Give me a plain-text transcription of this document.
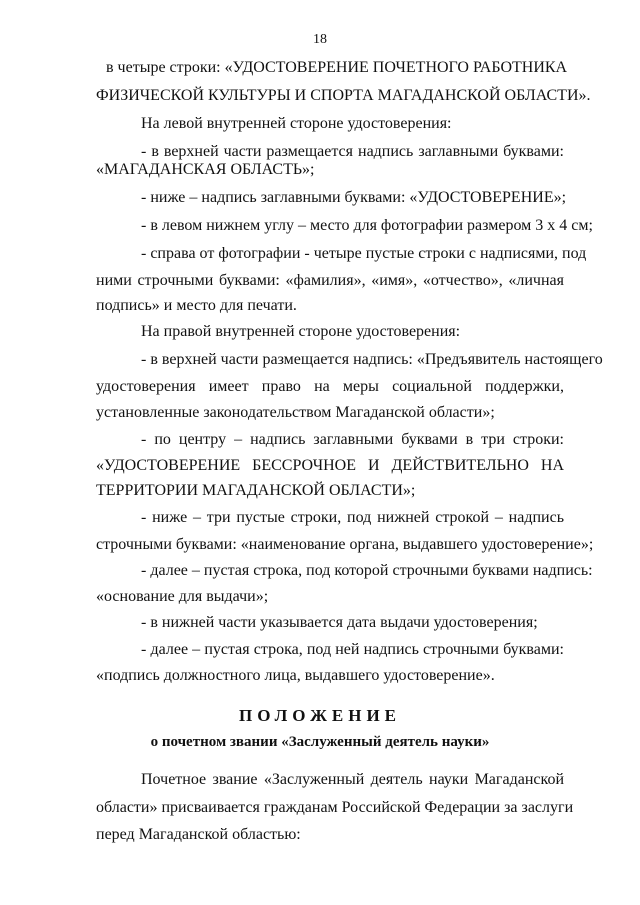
18
в четыре строки: «УДОСТОВЕРЕНИЕ ПОЧЕТНОГО РАБОТНИКА
ФИЗИЧЕСКОЙ КУЛЬТУРЫ И СПОРТА МАГАДАНСКОЙ ОБЛАСТИ».
На левой внутренней стороне удостоверения:
- в верхней части размещается надпись заглавными буквами:
«МАГАДАНСКАЯ ОБЛАСТЬ»;
- ниже – надпись заглавными буквами: «УДОСТОВЕРЕНИЕ»;
- в левом нижнем углу – место для фотографии размером 3 х 4 см;
- справа от фотографии - четыре пустые строки с надписями, под
ними строчными буквами: «фамилия», «имя», «отчество», «личная
подпись» и место для печати.
На правой внутренней стороне удостоверения:
- в верхней части размещается надпись: «Предъявитель настоящего
удостоверения имеет право на меры социальной поддержки,
установленные законодательством Магаданской области»;
- по центру – надпись заглавными буквами в три строки:
«УДОСТОВЕРЕНИЕ БЕССРОЧНОЕ И ДЕЙСТВИТЕЛЬНО НА
ТЕРРИТОРИИ МАГАДАНСКОЙ ОБЛАСТИ»;
- ниже – три пустые строки, под нижней строкой – надпись
строчными буквами: «наименование органа, выдавшего удостоверение»;
- далее – пустая строка, под которой строчными буквами надпись:
«основание для выдачи»;
- в нижней части указывается дата выдачи удостоверения;
- далее – пустая строка, под ней надпись строчными буквами:
«подпись должностного лица, выдавшего удостоверение».
ПОЛОЖЕНИЕ
о почетном звании «Заслуженный деятель науки»
Почетное звание «Заслуженный деятель науки Магаданской
области» присваивается гражданам Российской Федерации за заслуги
перед Магаданской областью:
